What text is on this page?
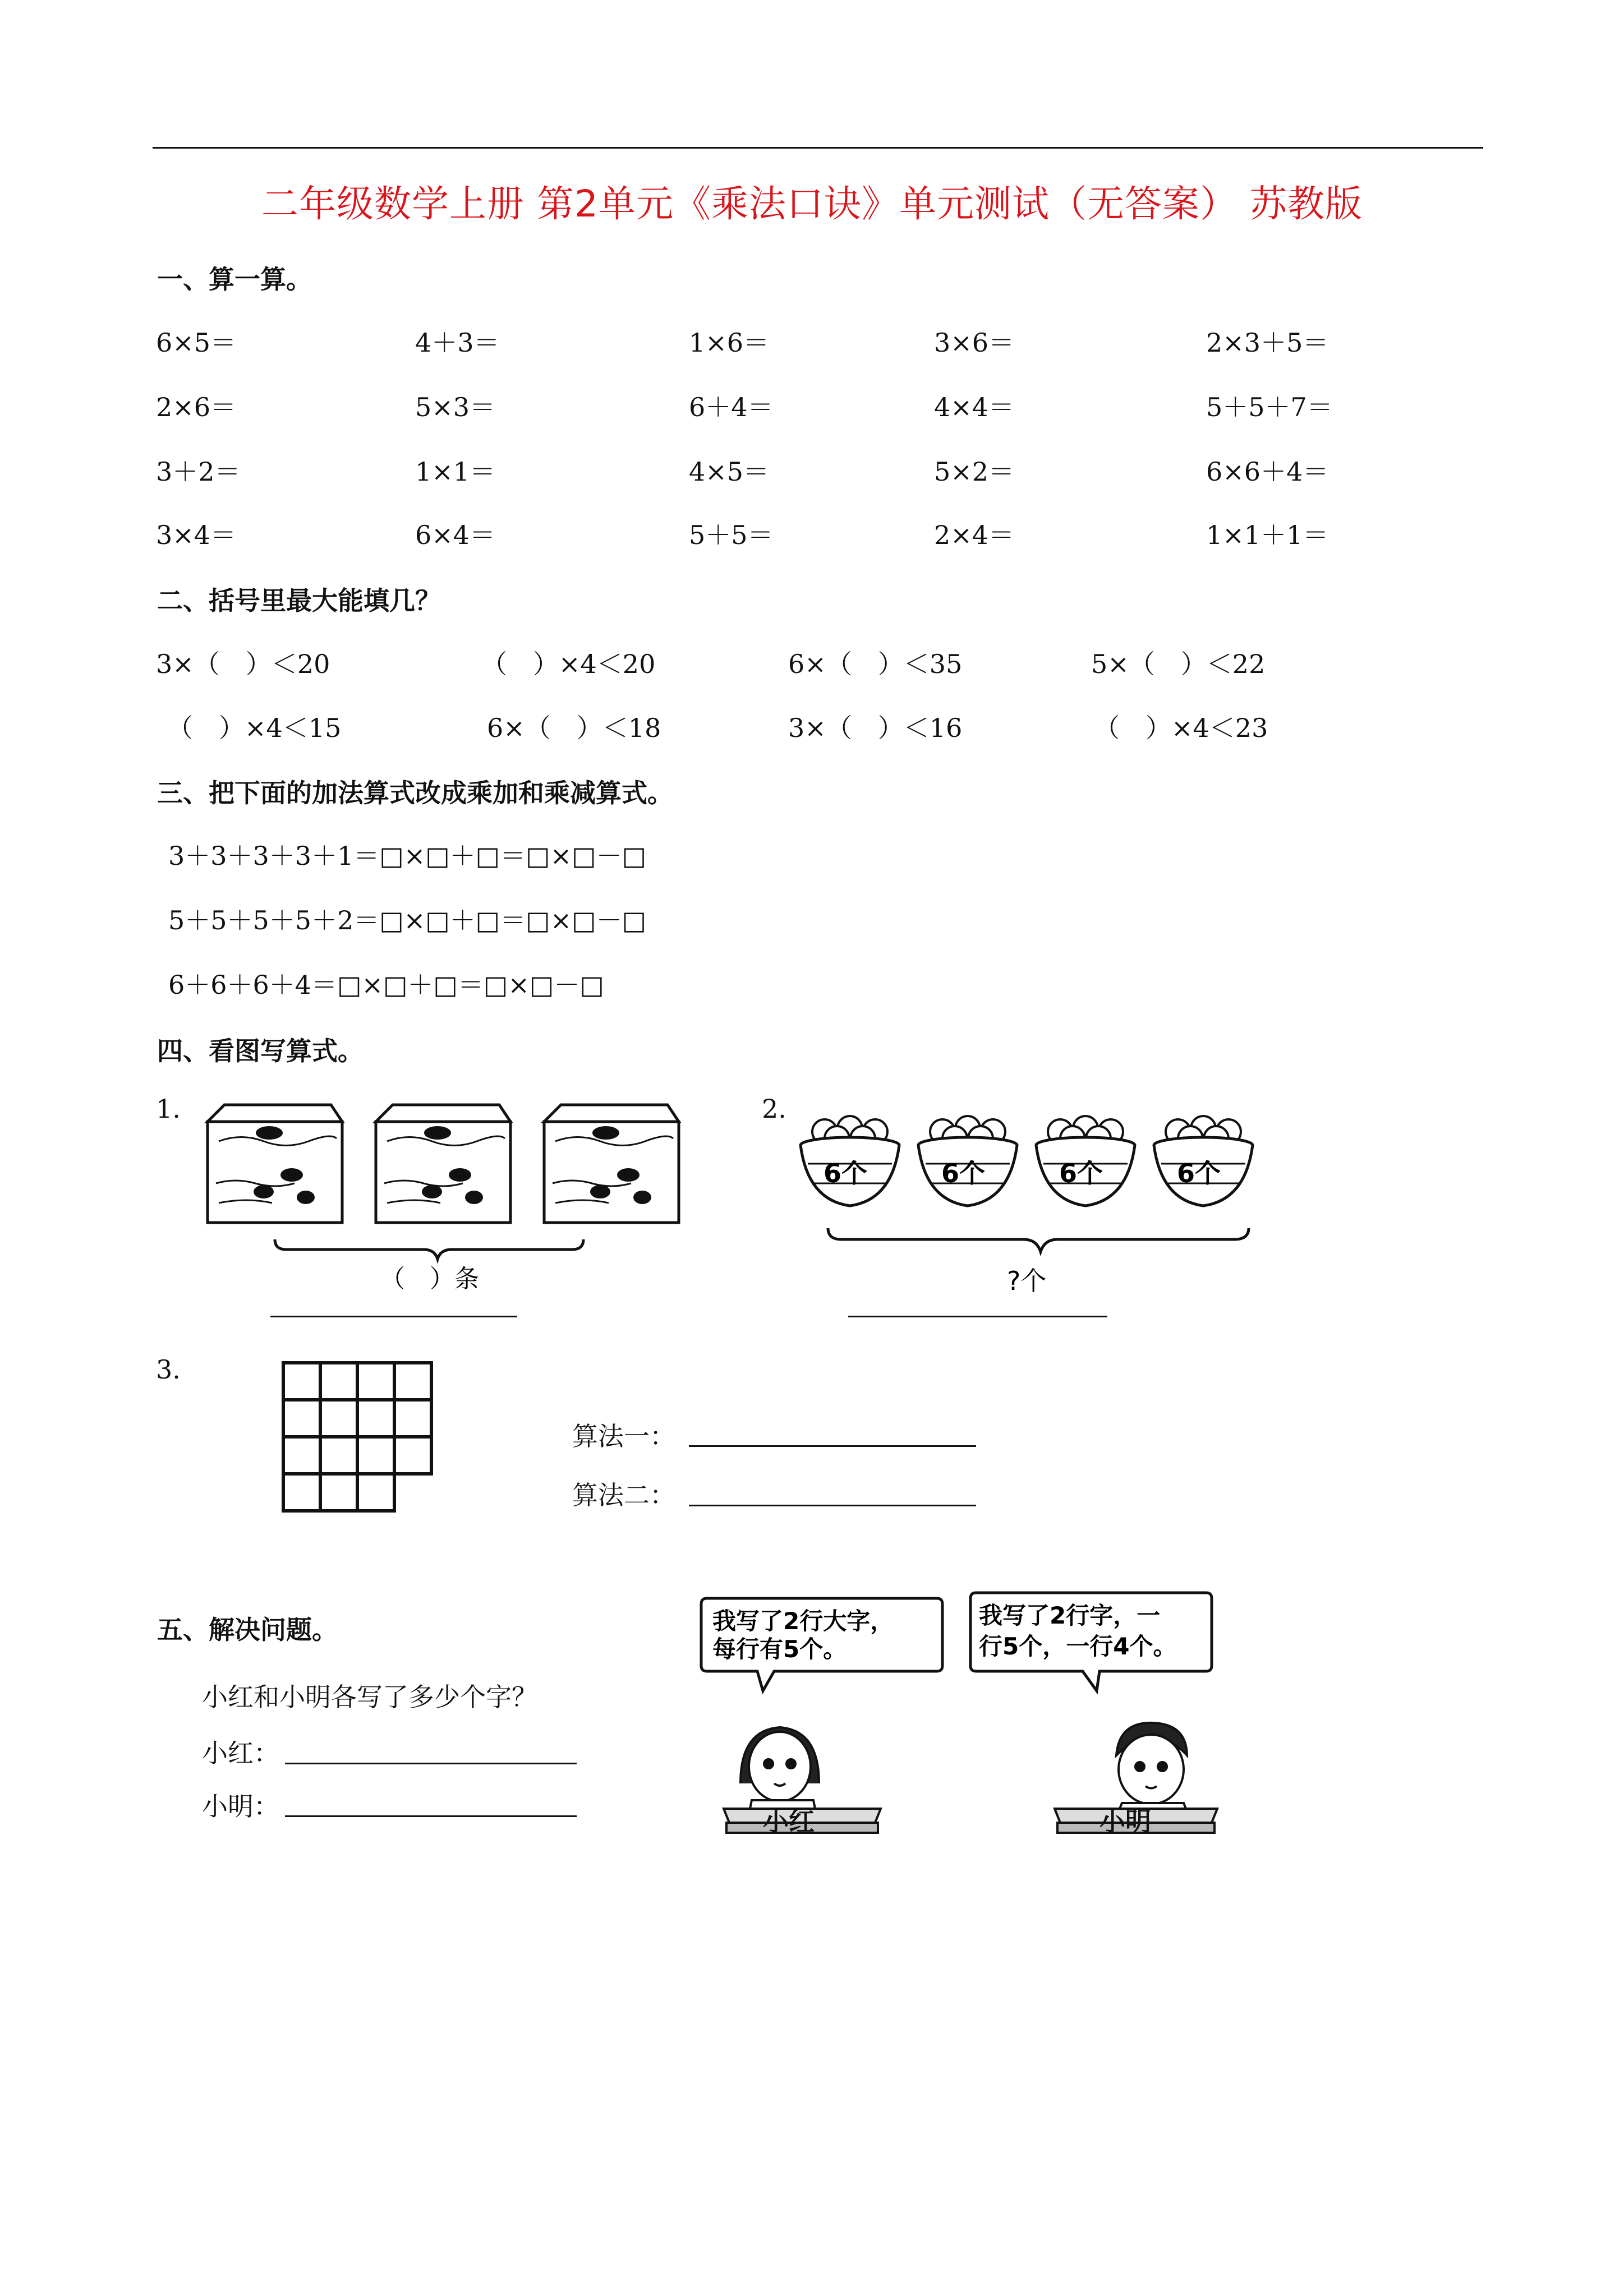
二年级数学上册 第2单元《乘法口诀》单元测试（无答案） 苏教版
一、算一算。
6×5＝	4＋3＝	1×6＝	3×6＝	2×3＋5＝
2×6＝	5×3＝	6＋4＝	4×4＝	5＋5＋7＝
3＋2＝	1×1＝	4×5＝	5×2＝	6×6＋4＝
3×4＝	6×4＝	5＋5＝	2×4＝	1×1＋1＝
二、括号里最大能填几？
3×（　）＜20	（　）×4＜20	6×（　）＜35	5×（　）＜22
（　）×4＜15	6×（　）＜18	3×（　）＜16	（　）×4＜23
三、把下面的加法算式改成乘加和乘减算式。
3＋3＋3＋3＋1＝□×□＋□＝□×□－□
5＋5＋5＋5＋2＝□×□＋□＝□×□－□
6＋6＋6＋4＝□×□＋□＝□×□－□
四、看图写算式。
1.	2.
（　）条
6个	6个	6个	6个
?个
3.
算法一：
算法二：
五、解决问题。
小红和小明各写了多少个字？
小红：
小明：
我写了2行大字，
每行有5个。
我写了2行字，一
行5个，一行4个。
小红	小明
